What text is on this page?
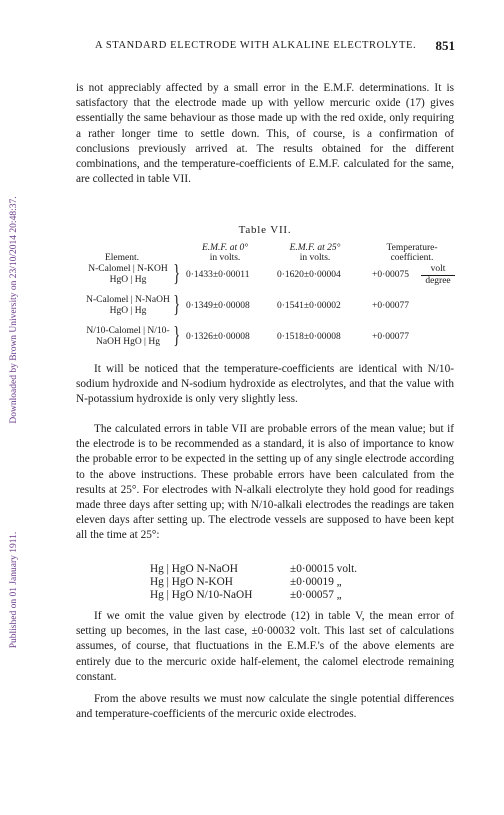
Downloaded by Brown University on 23/10/2014 20:48:37.
Published on 01 January 1911.
A STANDARD ELECTRODE WITH ALKALINE ELECTROLYTE. 851

is not appreciably affected by a small error in the E.M.F. determinations. It is satisfactory that the electrode made up with yellow mercuric oxide (17) gives essentially the same behaviour as those made up with the red oxide, only requiring a rather longer time to settle down. This, of course, is a confirmation of conclusions previously arrived at. The results obtained for the different combinations, and the temperature-coefficients of E.M.F. calculated for the same, are collected in table VII.

Table VII.
E.M.F. at 0°
in volts.
E.M.F. at 25°
in volts.
Temperature-
coefficient.
Element.
N-Calomel | N-KOH
HgO | Hg	} 0·1433±0·00011	0·1620±0·00004	+0·00075
volt
degree
N-Calomel | N-NaOH
HgO | Hg	} 0·1349±0·00008	0·1541±0·00002	+0·00077
N/10-Calomel | N/10-
NaOH HgO | Hg } 0·1326±0·00008	0·1518±0·00008	+0·00077

It will be noticed that the temperature-coefficients are identical with N/10-sodium hydroxide and N-sodium hydroxide as electrolytes, and that the value with N-potassium hydroxide is only very slightly less.

The calculated errors in table VII are probable errors of the mean value; but if the electrode is to be recommended as a standard, it is also of importance to know the probable error to be expected in the setting up of any single electrode according to the above instructions. These probable errors have been calculated from the results at 25°. For electrodes with N-alkali electrolyte they hold good for readings made three days after setting up; with N/10-alkali electrodes the readings are taken eleven days after setting up. The electrode vessels are supposed to have been kept all the time at 25°:

Hg | HgO N-NaOH	±0·00015 volt.
Hg | HgO N-KOH	±0·00019 „
Hg | HgO N/10-NaOH	±0·00057 „

If we omit the value given by electrode (12) in table V, the mean error of setting up becomes, in the last case, ±0·00032 volt. This last set of calculations assumes, of course, that fluctuations in the E.M.F.'s of the above elements are entirely due to the mercuric oxide half-element, the calomel electrode remaining constant.

From the above results we must now calculate the single potential differences and temperature-coefficients of the mercuric oxide electrodes.
